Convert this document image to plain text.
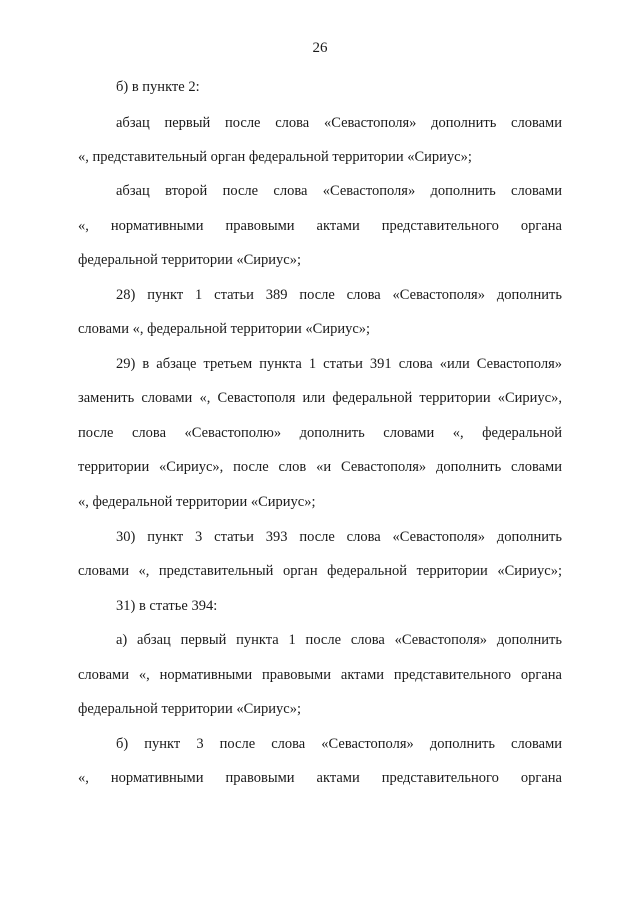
26
б) в пункте 2:
абзац первый после слова «Севастополя» дополнить словами
«, представительный орган федеральной территории «Сириус»;
абзац второй после слова «Севастополя» дополнить словами
«, нормативными правовыми актами представительного органа
федеральной территории «Сириус»;
28) пункт 1 статьи 389 после слова «Севастополя» дополнить
словами «, федеральной территории «Сириус»;
29) в абзаце третьем пункта 1 статьи 391 слова «или Севастополя»
заменить словами «, Севастополя или федеральной территории «Сириус»,
после слова «Севастополю» дополнить словами «, федеральной
территории «Сириус», после слов «и Севастополя» дополнить словами
«, федеральной территории «Сириус»;
30) пункт 3 статьи 393 после слова «Севастополя» дополнить
словами «, представительный орган федеральной территории «Сириус»;
31) в статье 394:
а) абзац первый пункта 1 после слова «Севастополя» дополнить
словами «, нормативными правовыми актами представительного органа
федеральной территории «Сириус»;
б) пункт 3 после слова «Севастополя» дополнить словами
«, нормативными правовыми актами представительного органа
